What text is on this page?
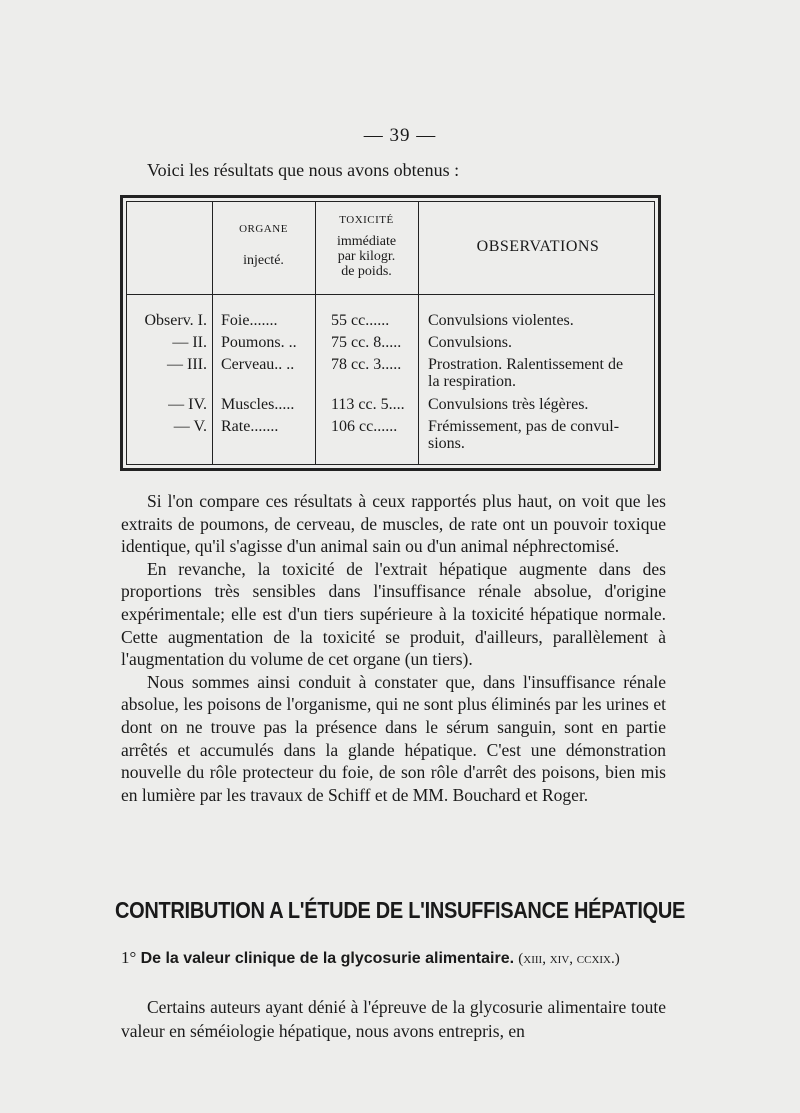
— 39 —
Voici les résultats que nous avons obtenus :
ORGANE
injecté.
TOXICITÉ
immédiate
par kilogr.
de poids.
OBSERVATIONS
Observ. I. Foie.......	55 cc...... Convulsions violentes.
— II. Poumons. .. 75 cc. 8..... Convulsions.
— III. Cerveau.. .. 78 cc. 3..... Prostration. Ralentissement de
la respiration.
— IV. Muscles..... 113 cc. 5.... Convulsions très légères.
— V. Rate.......	106 cc...... Frémissement, pas de convul-
sions.

Si l'on compare ces résultats à ceux rapportés plus haut, on voit que les extraits de poumons, de cerveau, de muscles, de rate ont un pouvoir toxique identique, qu'il s'agisse d'un animal sain ou d'un animal néphrectomisé.

En revanche, la toxicité de l'extrait hépatique augmente dans des proportions très sensibles dans l'insuffisance rénale absolue, d'origine expérimentale; elle est d'un tiers supérieure à la toxicité hépatique normale. Cette augmentation de la toxicité se produit, d'ailleurs, parallèlement à l'augmentation du volume de cet organe (un tiers).

Nous sommes ainsi conduit à constater que, dans l'insuffisance rénale absolue, les poisons de l'organisme, qui ne sont plus éliminés par les urines et dont on ne trouve pas la présence dans le sérum sanguin, sont en partie arrêtés et accumulés dans la glande hépatique. C'est une démonstration nouvelle du rôle protecteur du foie, de son rôle d'arrêt des poisons, bien mis en lumière par les travaux de Schiff et de MM. Bouchard et Roger.

CONTRIBUTION A L'ÉTUDE DE L'INSUFFISANCE HÉPATIQUE
1° De la valeur clinique de la glycosurie alimentaire. (xiii, xiv, ccxix.)

Certains auteurs ayant dénié à l'épreuve de la glycosurie alimentaire toute valeur en séméiologie hépatique, nous avons entrepris, en
